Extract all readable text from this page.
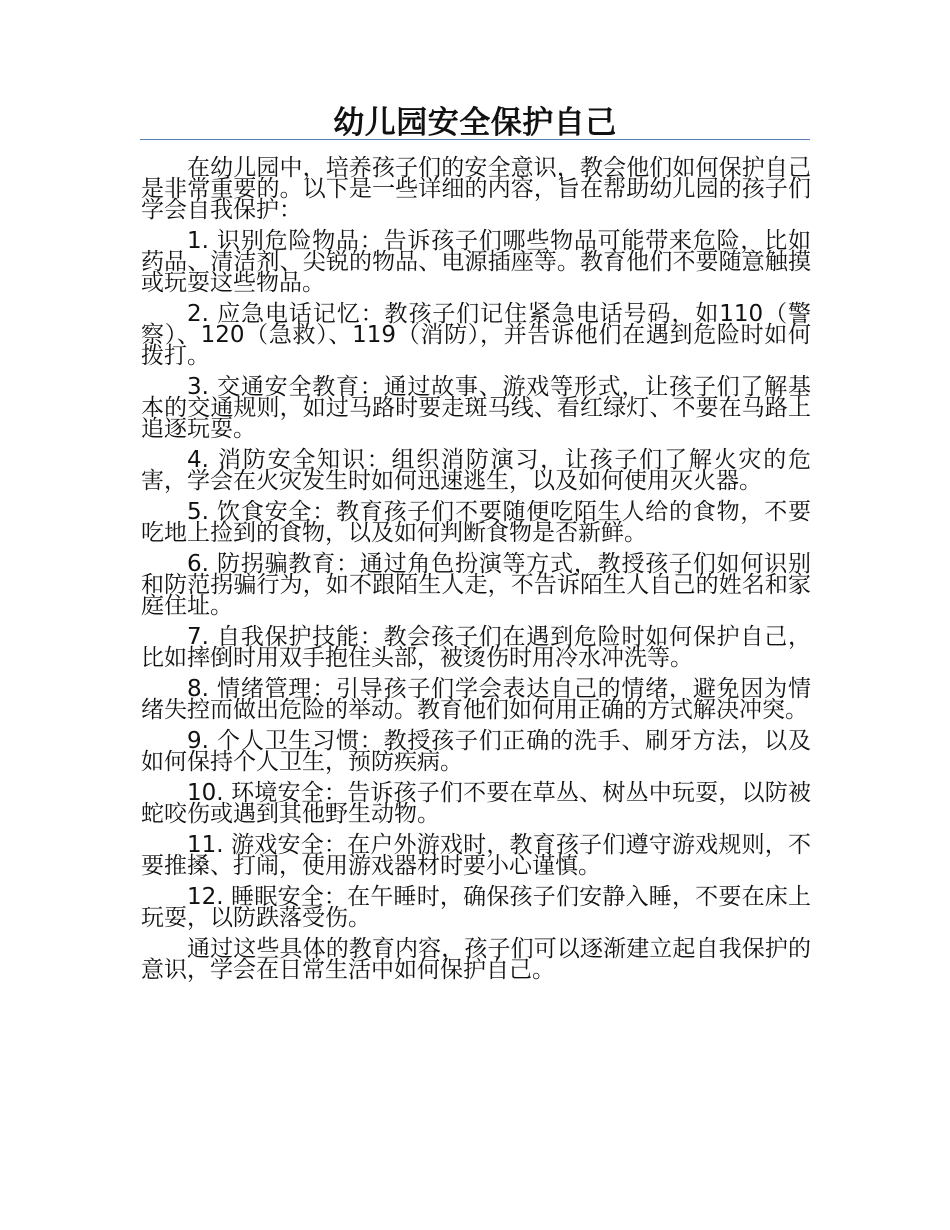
幼儿园安全保护自己

在幼儿园中，培养孩子们的安全意识，教会他们如何保护自己是非常重要的。以下是一些详细的内容，旨在帮助幼儿园的孩子们学会自我保护：

1. 识别危险物品：告诉孩子们哪些物品可能带来危险，比如药品、清洁剂、尖锐的物品、电源插座等。教育他们不要随意触摸或玩耍这些物品。

2. 应急电话记忆：教孩子们记住紧急电话号码，如110（警察）、120（急救）、119（消防），并告诉他们在遇到危险时如何拨打。

3. 交通安全教育：通过故事、游戏等形式，让孩子们了解基本的交通规则，如过马路时要走斑马线、看红绿灯、不要在马路上追逐玩耍。

4. 消防安全知识：组织消防演习，让孩子们了解火灾的危害，学会在火灾发生时如何迅速逃生，以及如何使用灭火器。

5. 饮食安全：教育孩子们不要随便吃陌生人给的食物，不要吃地上捡到的食物，以及如何判断食物是否新鲜。

6. 防拐骗教育：通过角色扮演等方式，教授孩子们如何识别和防范拐骗行为，如不跟陌生人走，不告诉陌生人自己的姓名和家庭住址。

7. 自我保护技能：教会孩子们在遇到危险时如何保护自己，比如摔倒时用双手抱住头部，被烫伤时用冷水冲洗等。

8. 情绪管理：引导孩子们学会表达自己的情绪，避免因为情绪失控而做出危险的举动。教育他们如何用正确的方式解决冲突。

9. 个人卫生习惯：教授孩子们正确的洗手、刷牙方法，以及如何保持个人卫生，预防疾病。

10. 环境安全：告诉孩子们不要在草丛、树丛中玩耍，以防被蛇咬伤或遇到其他野生动物。

11. 游戏安全：在户外游戏时，教育孩子们遵守游戏规则，不要推搡、打闹，使用游戏器材时要小心谨慎。

12. 睡眠安全：在午睡时，确保孩子们安静入睡，不要在床上玩耍，以防跌落受伤。

通过这些具体的教育内容，孩子们可以逐渐建立起自我保护的意识，学会在日常生活中如何保护自己。
